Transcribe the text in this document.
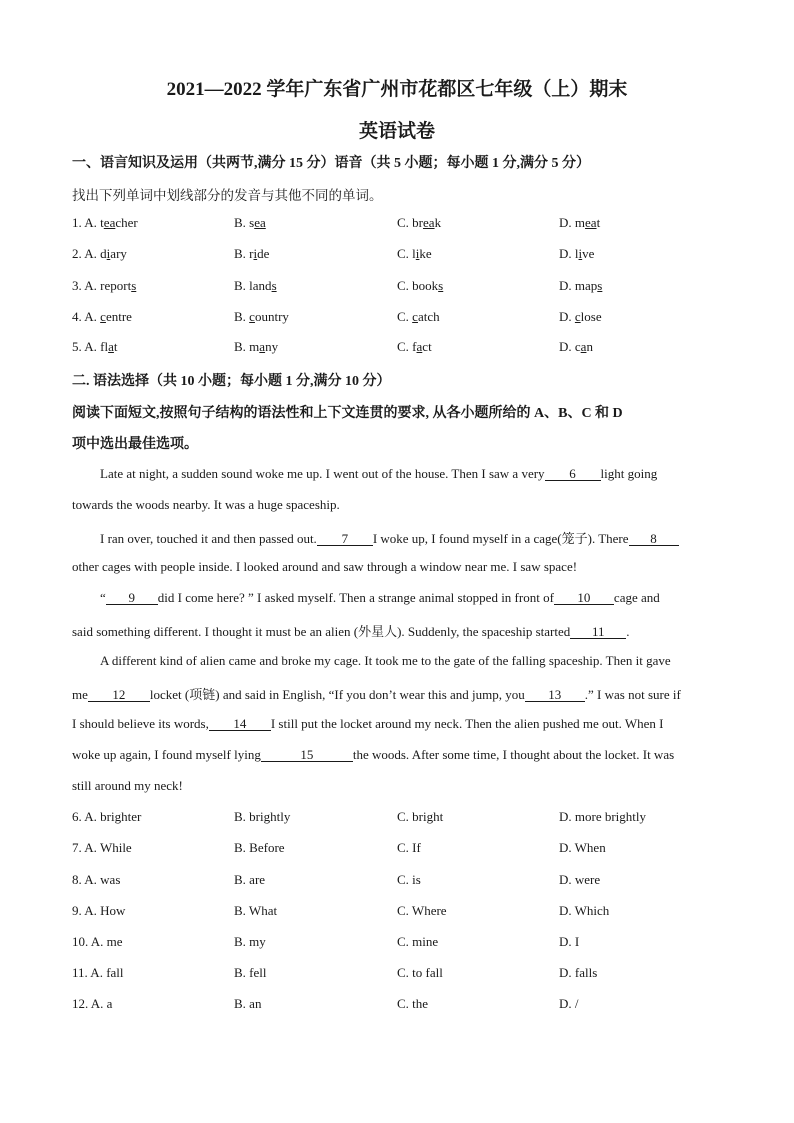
2021—2022 学年广东省广州市花都区七年级（上）期末
英语试卷
一、语言知识及运用（共两节,满分 15 分）语音（共 5 小题；每小题 1 分,满分 5 分）
找出下列单词中划线部分的发音与其他不同的单词。
1. A. teacher	B. sea	C. break	D. meat
2. A. diary	B. ride	C. like	D. live
3. A. reports	B. lands	C. books	D. maps
4. A. centre	B. country	C. catch	D. close
5. A. flat	B. many	C. fact	D. can
二. 语法选择（共 10 小题；每小题 1 分,满分 10 分）
阅读下面短文,按照句子结构的语法性和上下文连贯的要求, 从各小题所给的 A、B、C 和 D
项中选出最佳选项。
Late at night, a sudden sound woke me up. I went out of the house. Then I saw a very 6 light going
towards the woods nearby. It was a huge spaceship.
I ran over, touched it and then passed out. 7 I woke up, I found myself in a cage(笼子). There 8
other cages with people inside. I looked around and saw through a window near me. I saw space!
“ 9 did I come here? ” I asked myself. Then a strange animal stopped in front of 10 cage and
said something different. I thought it must be an alien (外星人). Suddenly, the spaceship started 11 .
A different kind of alien came and broke my cage. It took me to the gate of the falling spaceship. Then it gave
me 12 locket (项链) and said in English, “If you don’t wear this and jump, you 13 .” I was not sure if
I should believe its words, 14 I still put the locket around my neck. Then the alien pushed me out. When I
woke up again, I found myself lying	15	the woods. After some time, I thought about the locket. It was
still around my neck!
6. A. brighter	B. brightly	C. bright	D. more brightly
7. A. While	B. Before	C. If	D. When
8. A. was	B. are	C. is	D. were
9. A. How	B. What	C. Where	D. Which
10. A. me	B. my	C. mine	D. I
11. A. fall	B. fell	C. to fall	D. falls
12. A. a	B. an	C. the	D. /
